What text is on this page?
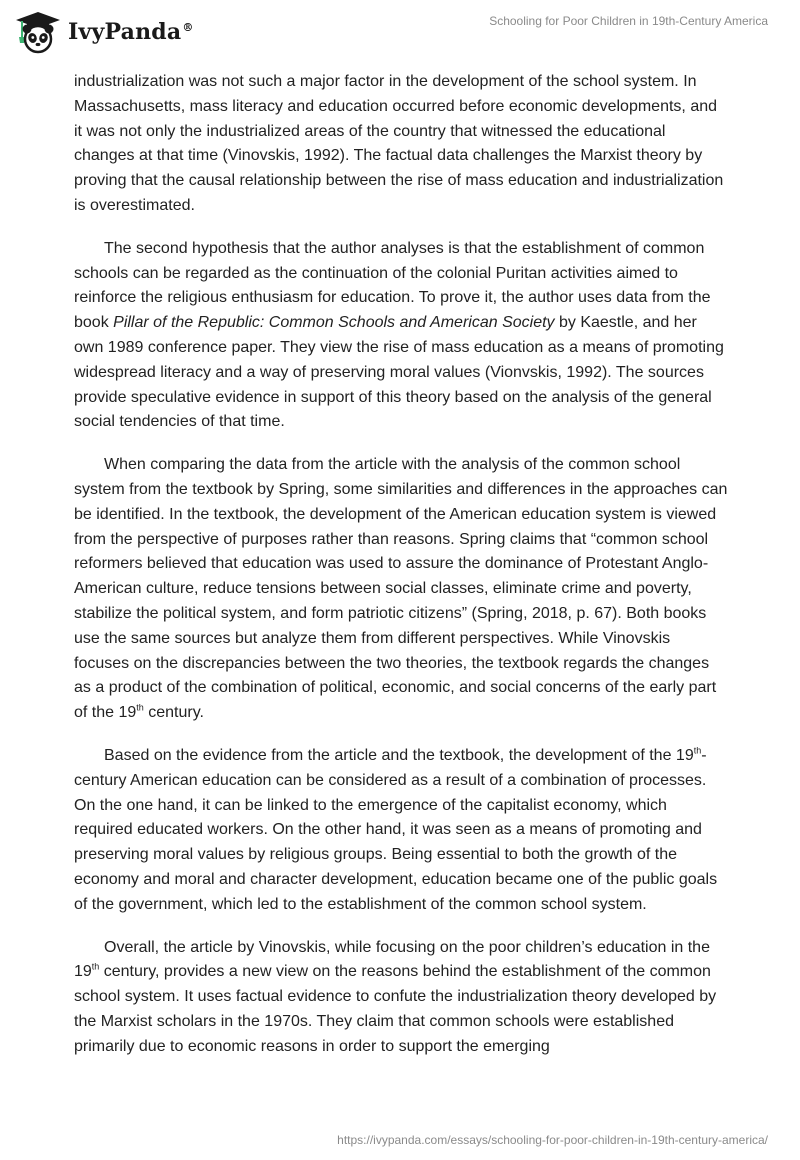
IvyPanda®	Schooling for Poor Children in 19th-Century America

industrialization was not such a major factor in the development of the school system. In Massachusetts, mass literacy and education occurred before economic developments, and it was not only the industrialized areas of the country that witnessed the educational changes at that time (Vinovskis, 1992). The factual data challenges the Marxist theory by proving that the causal relationship between the rise of mass education and industrialization is overestimated.

The second hypothesis that the author analyses is that the establishment of common schools can be regarded as the continuation of the colonial Puritan activities aimed to reinforce the religious enthusiasm for education. To prove it, the author uses data from the book Pillar of the Republic: Common Schools and American Society by Kaestle, and her own 1989 conference paper. They view the rise of mass education as a means of promoting widespread literacy and a way of preserving moral values (Vionvskis, 1992). The sources provide speculative evidence in support of this theory based on the analysis of the general social tendencies of that time.

When comparing the data from the article with the analysis of the common school system from the textbook by Spring, some similarities and differences in the approaches can be identified. In the textbook, the development of the American education system is viewed from the perspective of purposes rather than reasons. Spring claims that “common school reformers believed that education was used to assure the dominance of Protestant Anglo-American culture, reduce tensions between social classes, eliminate crime and poverty, stabilize the political system, and form patriotic citizens” (Spring, 2018, p. 67). Both books use the same sources but analyze them from different perspectives. While Vinovskis focuses on the discrepancies between the two theories, the textbook regards the changes as a product of the combination of political, economic, and social concerns of the early part of the 19th century.

Based on the evidence from the article and the textbook, the development of the 19th-century American education can be considered as a result of a combination of processes. On the one hand, it can be linked to the emergence of the capitalist economy, which required educated workers. On the other hand, it was seen as a means of promoting and preserving moral values by religious groups. Being essential to both the growth of the economy and moral and character development, education became one of the public goals of the government, which led to the establishment of the common school system.

Overall, the article by Vinovskis, while focusing on the poor children’s education in the 19th century, provides a new view on the reasons behind the establishment of the common school system. It uses factual evidence to confute the industrialization theory developed by the Marxist scholars in the 1970s. They claim that common schools were established primarily due to economic reasons in order to support the emerging

https://ivypanda.com/essays/schooling-for-poor-children-in-19th-century-america/
